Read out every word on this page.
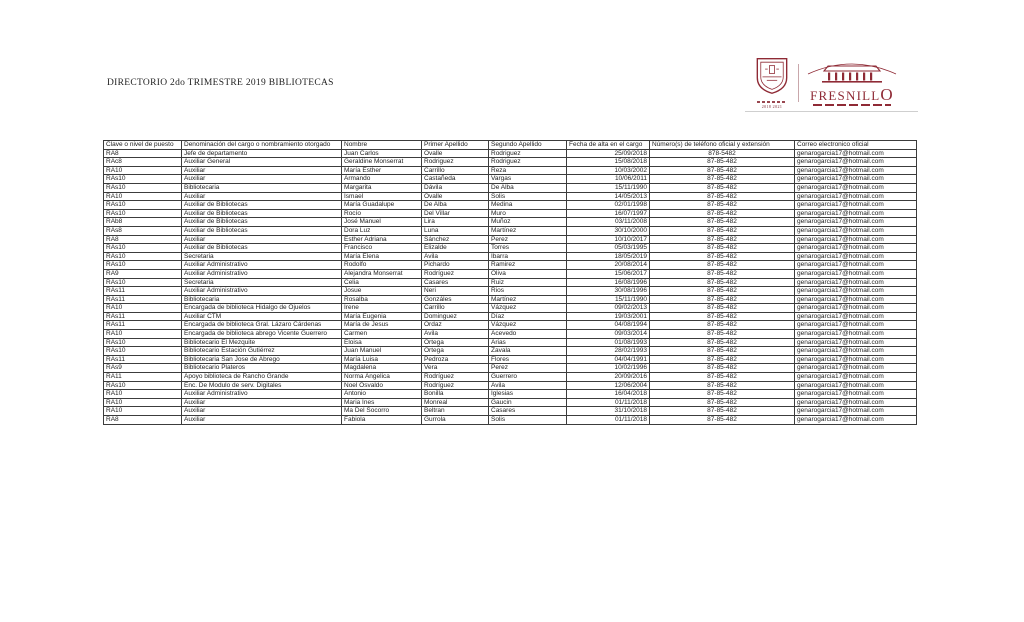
DIRECTORIO 2do TRIMESTRE 2019 BIBLIOTECAS
2018 2021
FRESNILLO
Clave o nivel de puesto	Denominación del cargo o nombramiento otorgado	Nombre	Primer Apellido	Segundo Apellido	Fecha de alta en el cargo	Número(s) de teléfono oficial y extensión	Correo electronico oficial
RA8	Jefe de departamento	Juan Carlos	Óvalle	Rodriguez	25/09/2018	878-5482	genarogarcia17@hotmail.com
RAc8	Auxiliar General	Geraldine Monserrat	Rodriguez	Rodriguez	15/08/2018	87-85-482	genarogarcia17@hotmail.com
RA10	Auxiliar	María Esther	Carrillo	Reza	10/03/2002	87-85-482	genarogarcia17@hotmail.com
RAs10	Auxiliar	Armando	Castañeda	Vargas	10/06/2011	87-85-482	genarogarcia17@hotmail.com
RAs10	Bibliotecaria	Margarita	Dávila	De Alba	15/11/1990	87-85-482	genarogarcia17@hotmail.com
RA10	Auxiliar	Ismael	Óvalle	Solis	14/05/2013	87-85-482	genarogarcia17@hotmail.com
RAs10	Auxiliar de Bibliotecas	María Guadalupe	De Alba	Medina	02/01/1998	87-85-482	genarogarcia17@hotmail.com
RAs10	Auxiliar de Bibliotecas	Rocío	Del Villar	Muro	16/07/1997	87-85-482	genarogarcia17@hotmail.com
RAb8	Auxiliar de Bibliotecas	José Manuel	Lira	Muñoz	03/11/2008	87-85-482	genarogarcia17@hotmail.com
RAs8	Auxiliar de Bibliotecas	Dora Luz	Luna	Martínez	30/10/2000	87-85-482	genarogarcia17@hotmail.com
RA8	Auxiliar	Esther Adriana	Sánchez	Perez	10/10/2017	87-85-482	genarogarcia17@hotmail.com
RAs10	Auxiliar de Bibliotecas	Francisco	Elizalde	Torres	05/03/1995	87-85-482	genarogarcia17@hotmail.com
RAs10	Secretaria	María Elena	Avila	Ibarra	18/05/2019	87-85-482	genarogarcia17@hotmail.com
RAs10	Auxiliar Administrativo	Rodolfo	Pichardo	Ramirez	20/08/2014	87-85-482	genarogarcia17@hotmail.com
RA9	Auxiliar Administrativo	Alejandra Monserrat	Rodríguez	Oliva	15/06/2017	87-85-482	genarogarcia17@hotmail.com
RAs10	Secretaria	Celia	Casares	Ruiz	16/08/1996	87-85-482	genarogarcia17@hotmail.com
RAs11	Auxiliar Administrativo	Josue	Neri	Rios	30/08/1996	87-85-482	genarogarcia17@hotmail.com
RAs11	Bibliotecaria	Rosalba	Gonzáles	Martínez	15/11/1990	87-85-482	genarogarcia17@hotmail.com
RA10	Encargada de biblioteca Hidalgo de Ojuelos	Irene	Carrillo	Vázquez	09/02/2013	87-85-482	genarogarcia17@hotmail.com
RAs11	Auxiliar CTM	María Eugenia	Dominguez	Díaz	19/03/2001	87-85-482	genarogarcia17@hotmail.com
RAs11	Encargada de biblioteca Gral. Lázaro Cárdenas	María de Jesus	Ordaz	Vázquez	04/08/1994	87-85-482	genarogarcia17@hotmail.com
RA10	Encargada de biblioteca abrego Vicente Guerrero	Carmen	Avila	Acevedo	09/03/2014	87-85-482	genarogarcia17@hotmail.com
RAs10	Bibliotecario El Mezquite	Eloisa	Ortega	Arias	01/08/1993	87-85-482	genarogarcia17@hotmail.com
RAs10	Bibliotecario Estación Gutiérrez	Juan Manuel	Ortega	Zavala	28/02/1993	87-85-482	genarogarcia17@hotmail.com
RAs11	Bibliotecaria San Jose de Abrego	María Luisa	Pedroza	Flores	04/04/1991	87-85-482	genarogarcia17@hotmail.com
RAs9	Bibliotecario Plateros	Magdalena	Vera	Perez	10/02/1996	87-85-482	genarogarcia17@hotmail.com
RA11	Apoyo biblioteca de Rancho Grande	Norma Angelica	Rodríguez	Guerrero	20/09/2016	87-85-482	genarogarcia17@hotmail.com
RAs10	Enc. De Modulo de serv. Digitales	Noel Osvaldo	Rodríguez	Avila	12/06/2004	87-85-482	genarogarcia17@hotmail.com
RA10	Auxiliar Administrativo	Antonio	Bonilla	Iglesias	16/04/2018	87-85-482	genarogarcia17@hotmail.com
RA10	Auxiliar	Maria Ines	Monreal	Gaucin	01/11/2018	87-85-482	genarogarcia17@hotmail.com
RA10	Auxiliar	Ma Del Socorro	Beltran	Casares	31/10/2018	87-85-482	genarogarcia17@hotmail.com
RA8	Auxiliar	Fabiola	Gurrola	Solis	01/11/2018	87-85-482	genarogarcia17@hotmail.com
